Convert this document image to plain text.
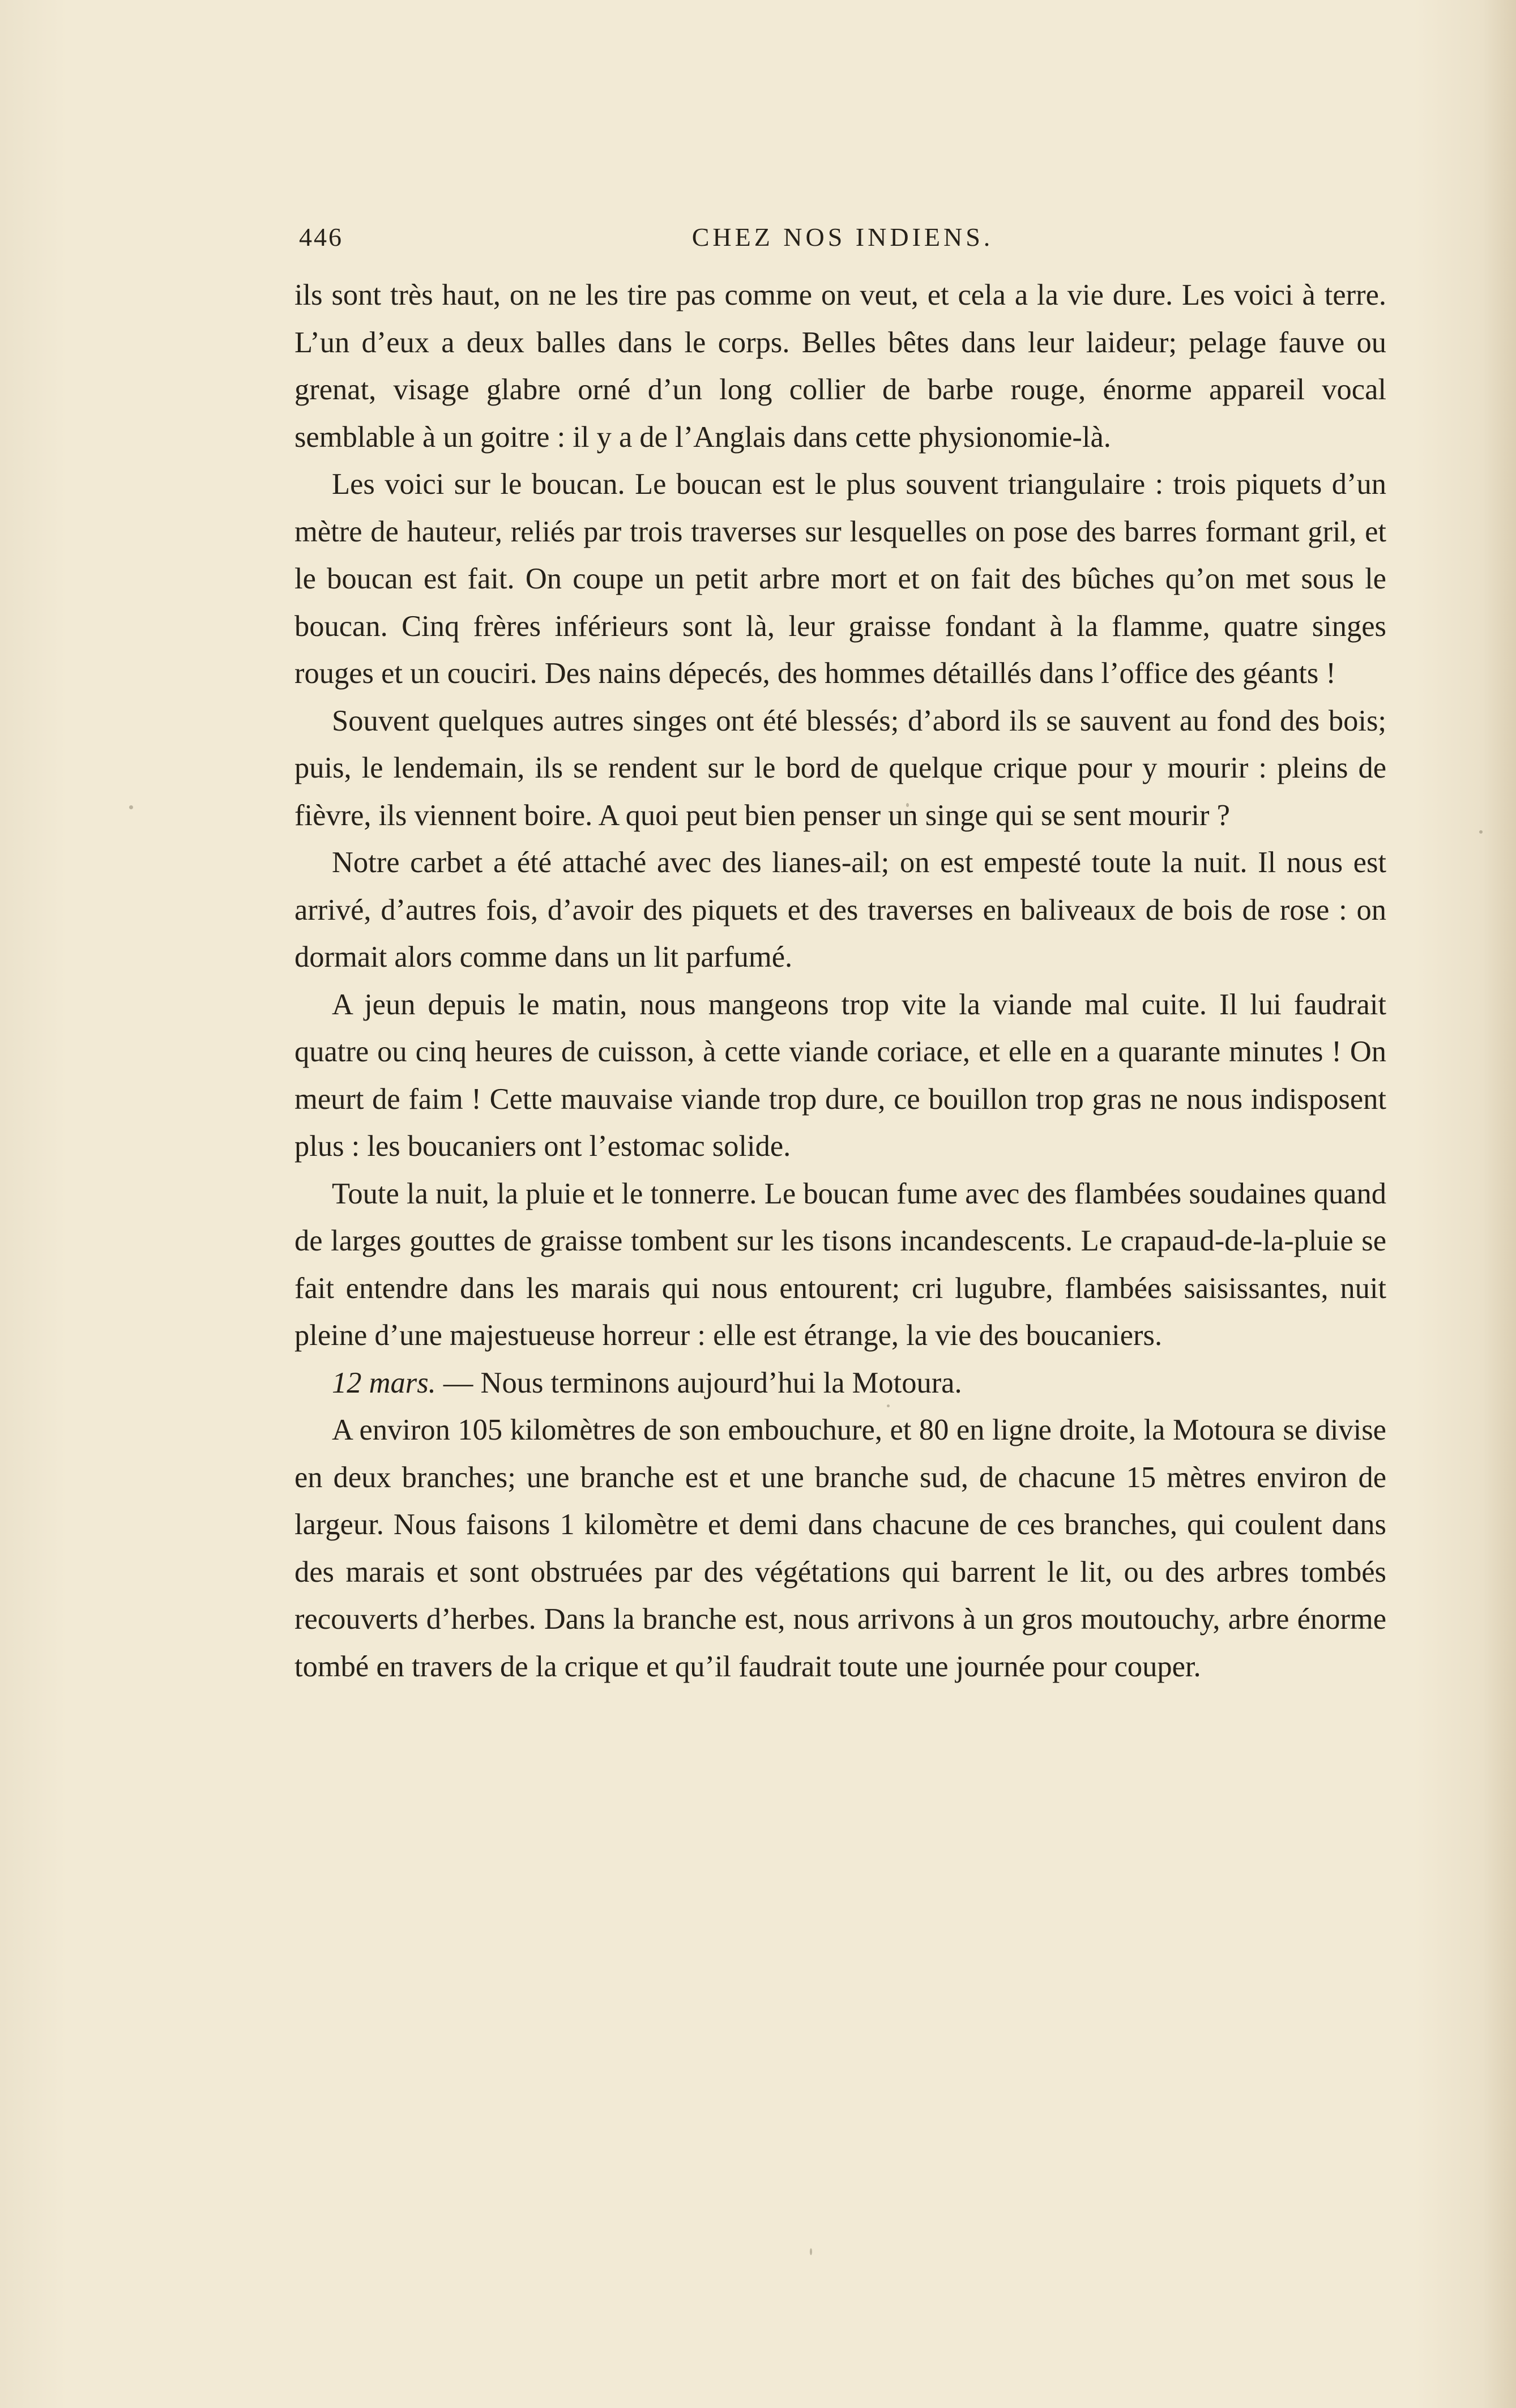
446	CHEZ NOS INDIENS.

ils sont très haut, on ne les tire pas comme on veut, et cela a la vie dure. Les voici à terre. L’un d’eux a deux balles dans le corps. Belles bêtes dans leur laideur; pelage fauve ou grenat, visage glabre orné d’un long collier de barbe rouge, énorme appareil vocal semblable à un goitre : il y a de l’Anglais dans cette physionomie-là.

Les voici sur le boucan. Le boucan est le plus souvent triangulaire : trois piquets d’un mètre de hauteur, reliés par trois traverses sur lesquelles on pose des barres formant gril, et le boucan est fait. On coupe un petit arbre mort et on fait des bûches qu’on met sous le boucan. Cinq frères inférieurs sont là, leur graisse fondant à la flamme, quatre singes rouges et un couciri. Des nains dépecés, des hommes détaillés dans l’office des géants !

Souvent quelques autres singes ont été blessés; d’abord ils se sauvent au fond des bois; puis, le lendemain, ils se rendent sur le bord de quelque crique pour y mourir : pleins de fièvre, ils viennent boire. A quoi peut bien penser un singe qui se sent mourir ?

Notre carbet a été attaché avec des lianes-ail; on est empesté toute la nuit. Il nous est arrivé, d’autres fois, d’avoir des piquets et des traverses en baliveaux de bois de rose : on dormait alors comme dans un lit parfumé.

A jeun depuis le matin, nous mangeons trop vite la viande mal cuite. Il lui faudrait quatre ou cinq heures de cuisson, à cette viande coriace, et elle en a quarante minutes ! On meurt de faim ! Cette mauvaise viande trop dure, ce bouillon trop gras ne nous indisposent plus : les boucaniers ont l’estomac solide.

Toute la nuit, la pluie et le tonnerre. Le boucan fume avec des flambées soudaines quand de larges gouttes de graisse tombent sur les tisons incandescents. Le crapaud-de-la-pluie se fait entendre dans les marais qui nous entourent; cri lugubre, flambées saisissantes, nuit pleine d’une majestueuse horreur : elle est étrange, la vie des boucaniers.

12 mars. — Nous terminons aujourd’hui la Motoura.

A environ 105 kilomètres de son embouchure, et 80 en ligne droite, la Motoura se divise en deux branches; une branche est et une branche sud, de chacune 15 mètres environ de largeur. Nous faisons 1 kilomètre et demi dans chacune de ces branches, qui coulent dans des marais et sont obstruées par des végétations qui barrent le lit, ou des arbres tombés recouverts d’herbes. Dans la branche est, nous arrivons à un gros moutouchy, arbre énorme tombé en travers de la crique et qu’il faudrait toute une journée pour couper.
